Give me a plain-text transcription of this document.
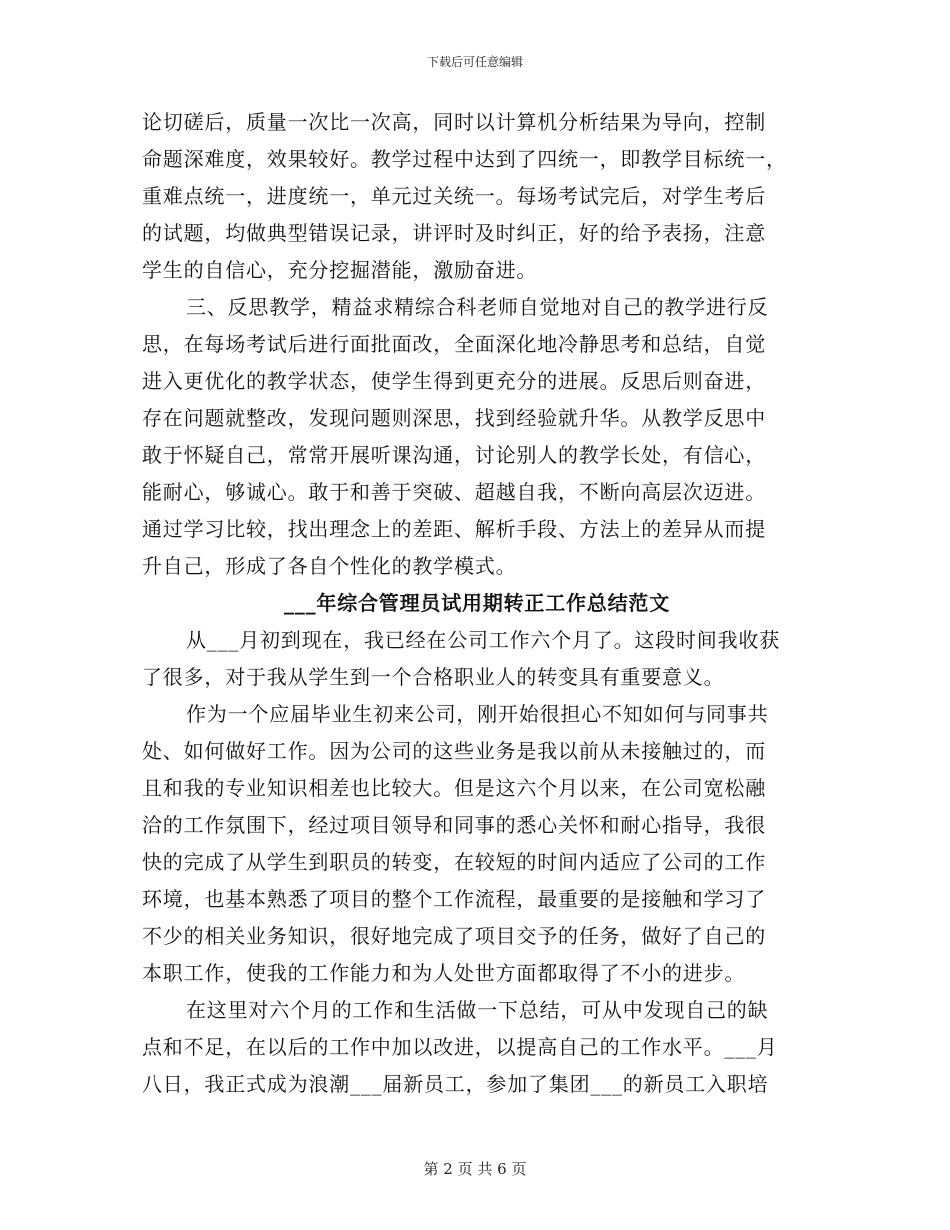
下载后可任意编辑
论切磋后，质量一次比一次高，同时以计算机分析结果为导向，控制
命题深难度，效果较好。教学过程中达到了四统一，即教学目标统一，
重难点统一，进度统一，单元过关统一。每场考试完后，对学生考后
的试题，均做典型错误记录，讲评时及时纠正，好的给予表扬，注意
学生的自信心，充分挖掘潜能，激励奋进。
三、反思教学，精益求精综合科老师自觉地对自己的教学进行反
思，在每场考试后进行面批面改，全面深化地冷静思考和总结，自觉
进入更优化的教学状态，使学生得到更充分的进展。反思后则奋进，
存在问题就整改，发现问题则深思，找到经验就升华。从教学反思中
敢于怀疑自己，常常开展听课沟通，讨论别人的教学长处，有信心，
能耐心，够诚心。敢于和善于突破、超越自我，不断向高层次迈进。
通过学习比较，找出理念上的差距、解析手段、方法上的差异从而提
升自己，形成了各自个性化的教学模式。
___年综合管理员试用期转正工作总结范文
从___月初到现在，我已经在公司工作六个月了。这段时间我收获
了很多，对于我从学生到一个合格职业人的转变具有重要意义。
作为一个应届毕业生初来公司，刚开始很担心不知如何与同事共
处、如何做好工作。因为公司的这些业务是我以前从未接触过的，而
且和我的专业知识相差也比较大。但是这六个月以来，在公司宽松融
洽的工作氛围下，经过项目领导和同事的悉心关怀和耐心指导，我很
快的完成了从学生到职员的转变，在较短的时间内适应了公司的工作
环境，也基本熟悉了项目的整个工作流程，最重要的是接触和学习了
不少的相关业务知识，很好地完成了项目交予的任务，做好了自己的
本职工作，使我的工作能力和为人处世方面都取得了不小的进步。
在这里对六个月的工作和生活做一下总结，可从中发现自己的缺
点和不足，在以后的工作中加以改进，以提高自己的工作水平。___月
八日，我正式成为浪潮___届新员工，参加了集团___的新员工入职培
第 2 页 共 6 页
